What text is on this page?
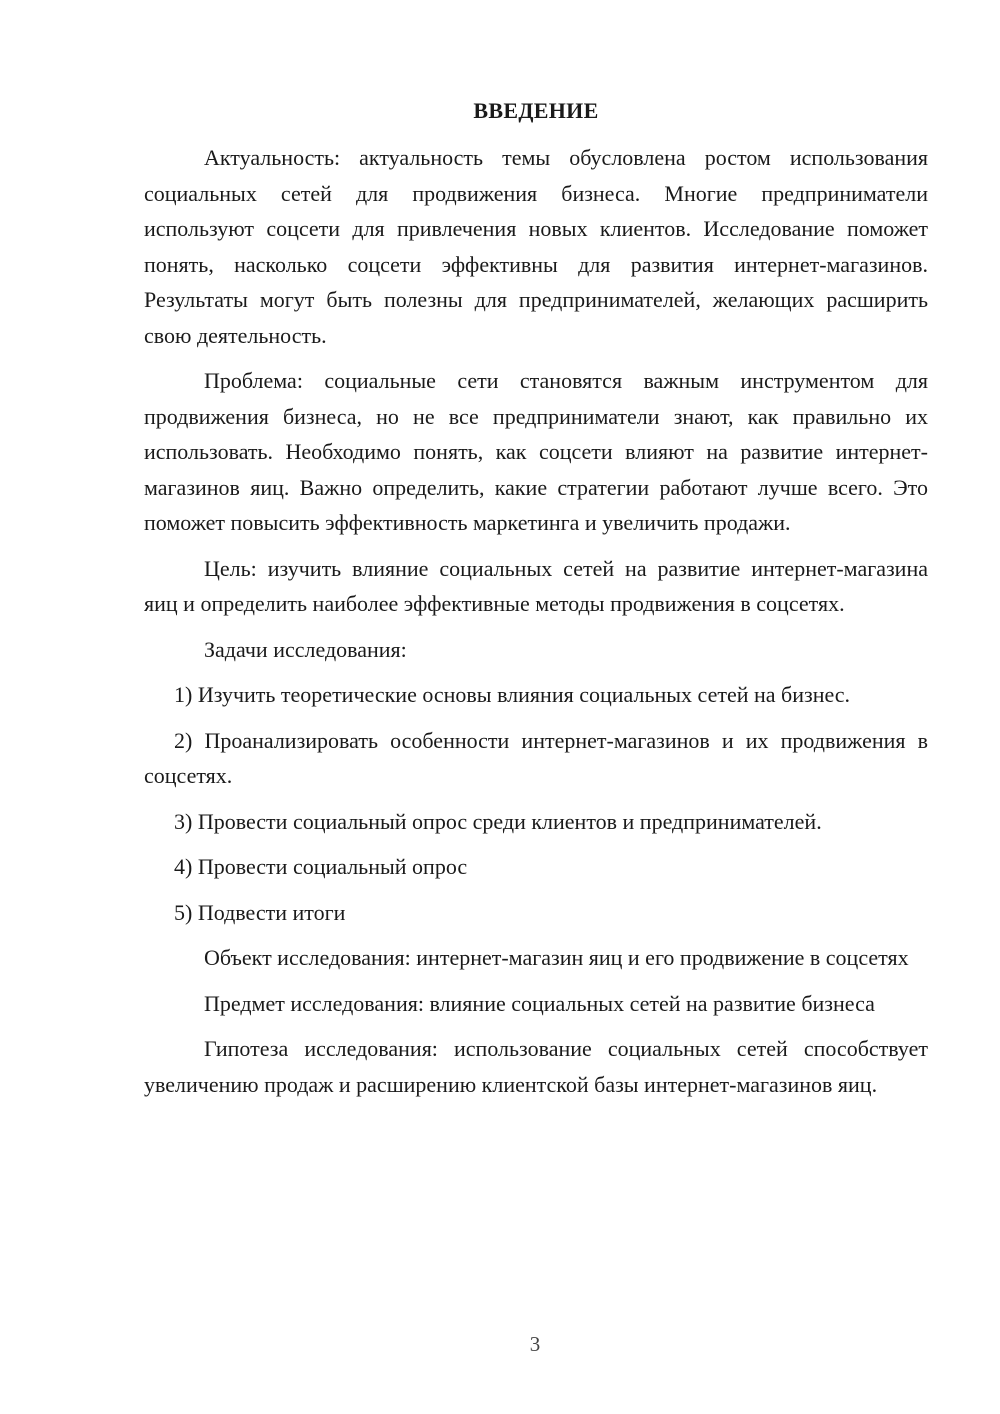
ВВЕДЕНИЕ

Актуальность: актуальность темы обусловлена ростом использования социальных сетей для продвижения бизнеса. Многие предприниматели используют соцсети для привлечения новых клиентов. Исследование поможет понять, насколько соцсети эффективны для развития интернет-магазинов. Результаты могут быть полезны для предпринимателей, желающих расширить свою деятельность.

Проблема: социальные сети становятся важным инструментом для продвижения бизнеса, но не все предприниматели знают, как правильно их использовать. Необходимо понять, как соцсети влияют на развитие интернет-магазинов яиц. Важно определить, какие стратегии работают лучше всего. Это поможет повысить эффективность маркетинга и увеличить продажи.

Цель: изучить влияние социальных сетей на развитие интернет-магазина яиц и определить наиболее эффективные методы продвижения в соцсетях.

Задачи исследования:

1) Изучить теоретические основы влияния социальных сетей на бизнес.

2) Проанализировать особенности интернет-магазинов и их продвижения в соцсетях.

3) Провести социальный опрос среди клиентов и предпринимателей.

4) Провести социальный опрос

5) Подвести итоги

Объект исследования: интернет-магазин яиц и его продвижение в соцсетях

Предмет исследования: влияние социальных сетей на развитие бизнеса

Гипотеза исследования: использование социальных сетей способствует увеличению продаж и расширению клиентской базы интернет-магазинов яиц.

3
